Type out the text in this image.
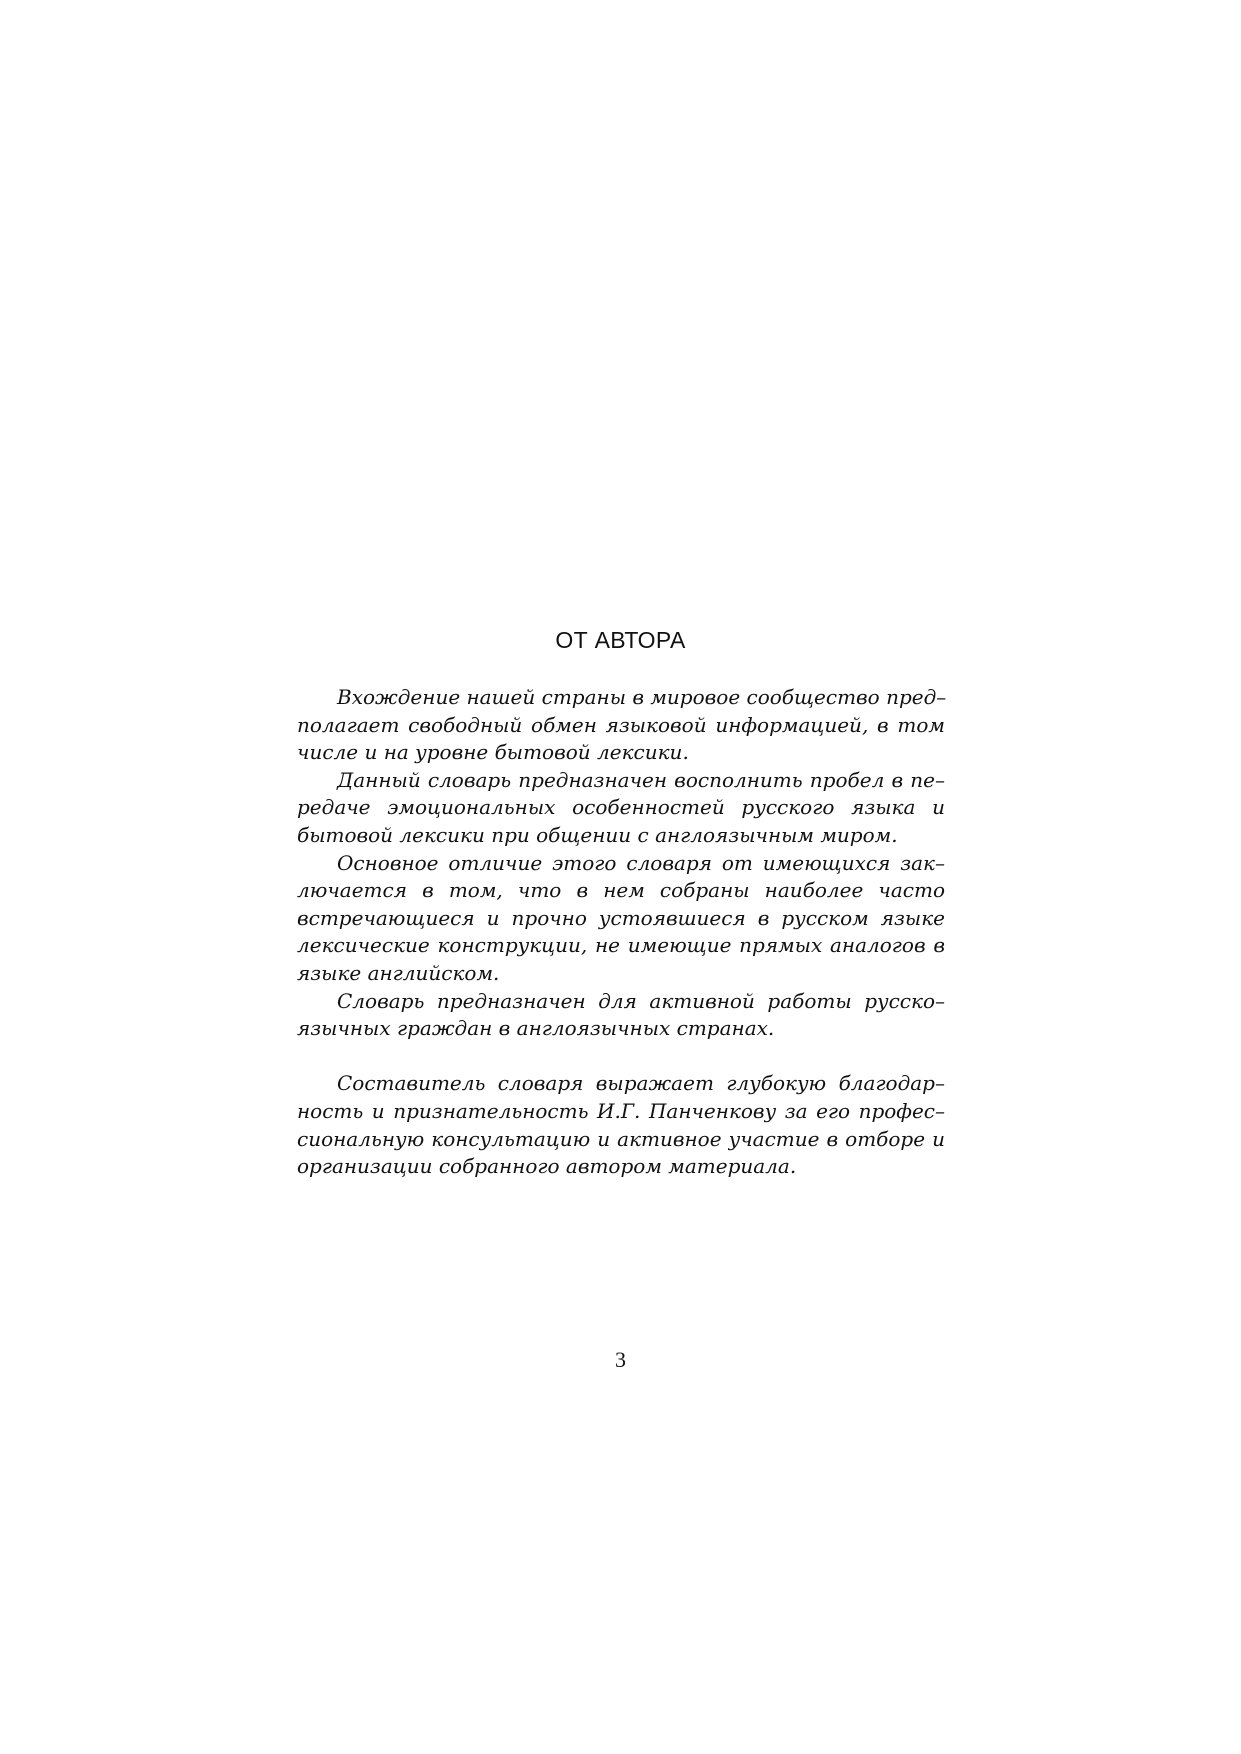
ОТ АВТОРА
Вхождение нашей страны в мировое сообщество пред–
полагает свободный обмен языковой информацией, в том
числе и на уровне бытовой лексики.
Данный словарь предназначен восполнить пробел в пе–
редаче эмоциональных особенностей русского языка и
бытовой лексики при общении с англоязычным миром.
Основное отличие этого словаря от имеющихся зак–
лючается в том, что в нем собраны наиболее часто
встречающиеся и прочно устоявшиеся в русском языке
лексические конструкции, не имеющие прямых аналогов в
языке английском.
Словарь предназначен для активной работы русско–
язычных граждан в англоязычных странах.
Составитель словаря выражает глубокую благодар–
ность и признательность И.Г. Панченкову за его профес–
сиональную консультацию и активное участие в отборе и
организации собранного автором материала.
3
